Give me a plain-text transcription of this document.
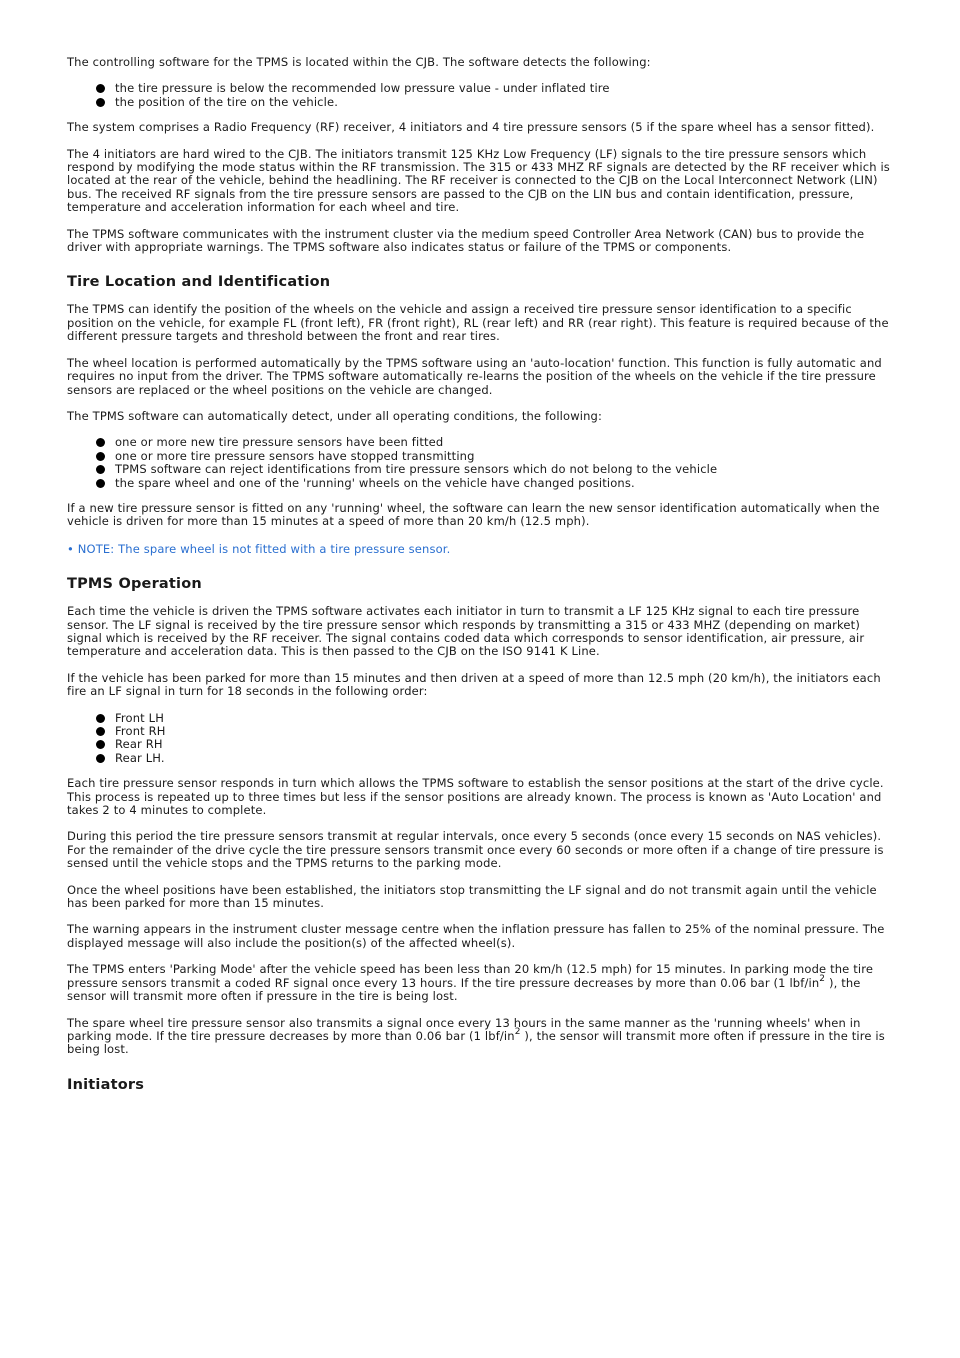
The controlling software for the TPMS is located within the CJB. The software detects the following:

the tire pressure is below the recommended low pressure value - under inflated tire
the position of the tire on the vehicle.

The system comprises a Radio Frequency (RF) receiver, 4 initiators and 4 tire pressure sensors (5 if the spare wheel has a sensor fitted).

The 4 initiators are hard wired to the CJB. The initiators transmit 125 KHz Low Frequency (LF) signals to the tire pressure sensors which respond by modifying the mode status within the RF transmission. The 315 or 433 MHZ RF signals are detected by the RF receiver which is located at the rear of the vehicle, behind the headlining. The RF receiver is connected to the CJB on the Local Interconnect Network (LIN) bus. The received RF signals from the tire pressure sensors are passed to the CJB on the LIN bus and contain identification, pressure, temperature and acceleration information for each wheel and tire.

The TPMS software communicates with the instrument cluster via the medium speed Controller Area Network (CAN) bus to provide the driver with appropriate warnings. The TPMS software also indicates status or failure of the TPMS or components.

Tire Location and Identification

The TPMS can identify the position of the wheels on the vehicle and assign a received tire pressure sensor identification to a specific position on the vehicle, for example FL (front left), FR (front right), RL (rear left) and RR (rear right). This feature is required because of the different pressure targets and threshold between the front and rear tires.

The wheel location is performed automatically by the TPMS software using an 'auto-location' function. This function is fully automatic and requires no input from the driver. The TPMS software automatically re-learns the position of the wheels on the vehicle if the tire pressure sensors are replaced or the wheel positions on the vehicle are changed.

The TPMS software can automatically detect, under all operating conditions, the following:

one or more new tire pressure sensors have been fitted
one or more tire pressure sensors have stopped transmitting
TPMS software can reject identifications from tire pressure sensors which do not belong to the vehicle
the spare wheel and one of the 'running' wheels on the vehicle have changed positions.

If a new tire pressure sensor is fitted on any 'running' wheel, the software can learn the new sensor identification automatically when the vehicle is driven for more than 15 minutes at a speed of more than 20 km/h (12.5 mph).

• NOTE: The spare wheel is not fitted with a tire pressure sensor.

TPMS Operation

Each time the vehicle is driven the TPMS software activates each initiator in turn to transmit a LF 125 KHz signal to each tire pressure sensor. The LF signal is received by the tire pressure sensor which responds by transmitting a 315 or 433 MHZ (depending on market) signal which is received by the RF receiver. The signal contains coded data which corresponds to sensor identification, air pressure, air temperature and acceleration data. This is then passed to the CJB on the ISO 9141 K Line.

If the vehicle has been parked for more than 15 minutes and then driven at a speed of more than 12.5 mph (20 km/h), the initiators each fire an LF signal in turn for 18 seconds in the following order:

Front LH
Front RH
Rear RH
Rear LH.

Each tire pressure sensor responds in turn which allows the TPMS software to establish the sensor positions at the start of the drive cycle. This process is repeated up to three times but less if the sensor positions are already known. The process is known as 'Auto Location' and takes 2 to 4 minutes to complete.

During this period the tire pressure sensors transmit at regular intervals, once every 5 seconds (once every 15 seconds on NAS vehicles). For the remainder of the drive cycle the tire pressure sensors transmit once every 60 seconds or more often if a change of tire pressure is sensed until the vehicle stops and the TPMS returns to the parking mode.

Once the wheel positions have been established, the initiators stop transmitting the LF signal and do not transmit again until the vehicle has been parked for more than 15 minutes.

The warning appears in the instrument cluster message centre when the inflation pressure has fallen to 25% of the nominal pressure. The displayed message will also include the position(s) of the affected wheel(s).

The TPMS enters 'Parking Mode' after the vehicle speed has been less than 20 km/h (12.5 mph) for 15 minutes. In parking mode the tire pressure sensors transmit a coded RF signal once every 13 hours. If the tire pressure decreases by more than 0.06 bar (1 lbf/$in^2$ ), the sensor will transmit more often if pressure in the tire is being lost.

The spare wheel tire pressure sensor also transmits a signal once every 13 hours in the same manner as the 'running wheels' when in parking mode. If the tire pressure decreases by more than 0.06 bar (1 lbf/$in^2$ ), the sensor will transmit more often if pressure in the tire is being lost.

Initiators
